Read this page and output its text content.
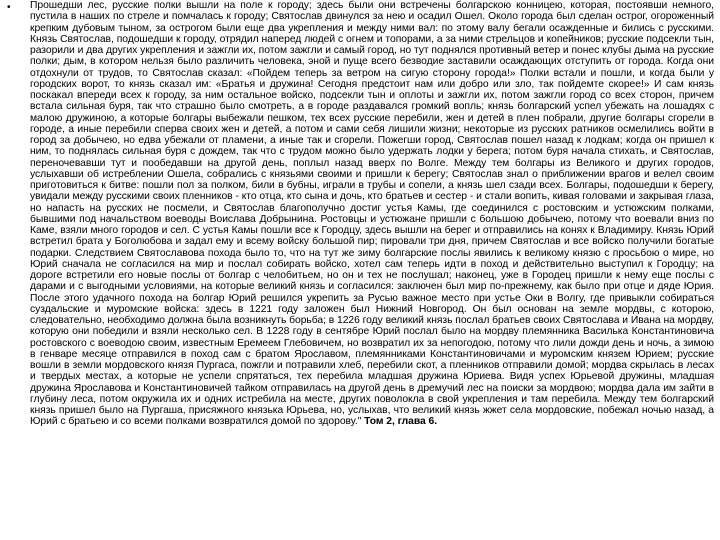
• Прошедши лес, русские полки вышли на поле к городу; здесь были они встречены болгарскою конницею, которая, постоявши немного, пустила в наших по стреле и помчалась к городу; Святослав двинулся за нею и осадил Ошел. Около города был сделан острог, огороженный крепким дубовым тыном, за острогом были еще два укрепления и между ними вал: по этому валу бегали осажденные и бились с русскими. Князь Святослав, подошедши к городу, отрядил наперед людей с огнем и топорами, а за ними стрельцов и копейников; русские подсекли тын, разорили и два других укрепления и зажгли их, потом зажгли и самый город, но тут поднялся противный ветер и понес клубы дыма на русские полки; дым, в котором нельзя было различить человека, эной и пуще всего безводие заставили осаждающих отступить от города. Когда они отдохнули от трудов, то Святослав сказал: «Пойдем теперь за ветром на сигую сторону города!» Полки встали и пошли, и когда были у городских ворот, то князь сказал им: «Братья и дружина! Сегодня предстоит нам или добро или зло, так пойдемте скорее!» И сам князь поскакал впереди всех к городу, за ним остальное войско, подсекли тын и оплоты и зажгли их, потом зажгли город со всех сторон, причем встала сильная буря, так что страшно было смотреть, а в городе раздавался громкий вопль; князь болгарский успел убежать на лошадях с малою дружиною, а которые болгары выбежали пешком, тех всех русские перебили, жен и детей в плен побрали, другие болгары сгорели в городе, а иные перебили сперва своих жен и детей, а потом и сами себя лишили жизни; некоторые из русских ратников осмелились войти в город за добычею, но едва убежали от пламени, а иные так и сгорели. Пожегши город, Святослав пошел назад к лодкам; когда он пришел к ним, то поднялась сильная буря с дождем, так что с трудом можно было удержать лодки у берега; потом буря начала стихать, и Святослав, переночевавши тут и пообедавши на другой день, поплыл назад вверх по Волге. Между тем болгары из Великого и других городов, услыхавши об истреблении Ошела, собрались с князьями своими и пришли к берегу; Святослав знал о приближении врагов и велел своим приготовиться к битве: пошли пол за полком, били в бубны, играли в трубы и сопели, а князь шел сзади всех. Болгары, подошедши к берегу, увидали между русскими своих пленников - кто отца, кто сына и дочь, кто братьев и сестер - и стали вопить, кивая головами и закрывая глаза, но напасть на русских не посмели, и Святослав благополучно достиг устья Камы, где соединился с ростовским и устюжским полками, бывшими под начальством воеводы Воислава Добрынина. Ростовцы и устюжане пришли с большою добычею, потому что воевали вниз по Каме, взяли много городов и сел. С устья Камы пошли все к Городцу, здесь вышли на берег и отправились на конях к Владимиру. Князь Юрий встретил брата у Боголюбова и задал ему и всему войску большой пир; пировали три дня, причем Святослав и все войско получили богатые подарки. Следствием Святославова похода было то, что на тут же зиму болгарские послы явились к великому князю с просьбою о мире, но Юрий сначала не согласился на мир и послал собирать войско, хотел сам теперь идти в поход и действительно выступил к Городцу; на дороге встретили его новые послы от болгар с челобитьем, но он и тех не послушал; наконец, уже в Городец пришли к нему еще послы с дарами и с выгодными условиями, на которые великий князь и согласился: заключен был мир по-прежнему, как было при отце и дяде Юрия. После этого удачного похода на болгар Юрий решился укрепить за Русью важное место при устье Оки в Волгу, где привыкли собираться суздальские и муромские войска: здесь в 1221 году заложен был Нижний Новгород. Он был основан на земле мордвы, с которою, следовательно, необходимо должна была возникнуть борьба; в 1226 году великий князь послал братьев своих Святослава и Ивана на мордву, которую они победили и взяли несколько сел. В 1228 году в сентябре Юрий послал было на мордву племянника Василька Константиновича ростовского с воеводою своим, известным Еремеем Глебовичем, но возвратил их за непогодою, потому что лили дожди день и ночь, а зимою в генваре месяце отправился в поход сам с братом Ярославом, племянниками Константиновичами и муромским князем Юрием; русские вошли в земли мордовского князя Пургаса, пожгли и потравили хлеб, перебили скот, а пленников отправили домой; мордва скрылась в лесах и твердых местах, а которые не успели спрятаться, тех перебила младшая дружина Юриева. Видя успех Юрьевой дружины, младшая дружина Ярославова и Константиновичей тайком отправилась на другой день в дремучий лес на поиски за мордвою; мордва дала им зайти в глубину леса, потом окружила их и одних истребила на месте, других поволокла в свой укрепления и там перебила. Между тем болгарский князь пришел было на Пургаша, присяжного князька Юрьева, но, услыхав, что великий князь жжет села мордовские, побежал ночью назад, а Юрий с братьею и со всеми полками возвратился домой по здорову." Том 2, глава 6.
